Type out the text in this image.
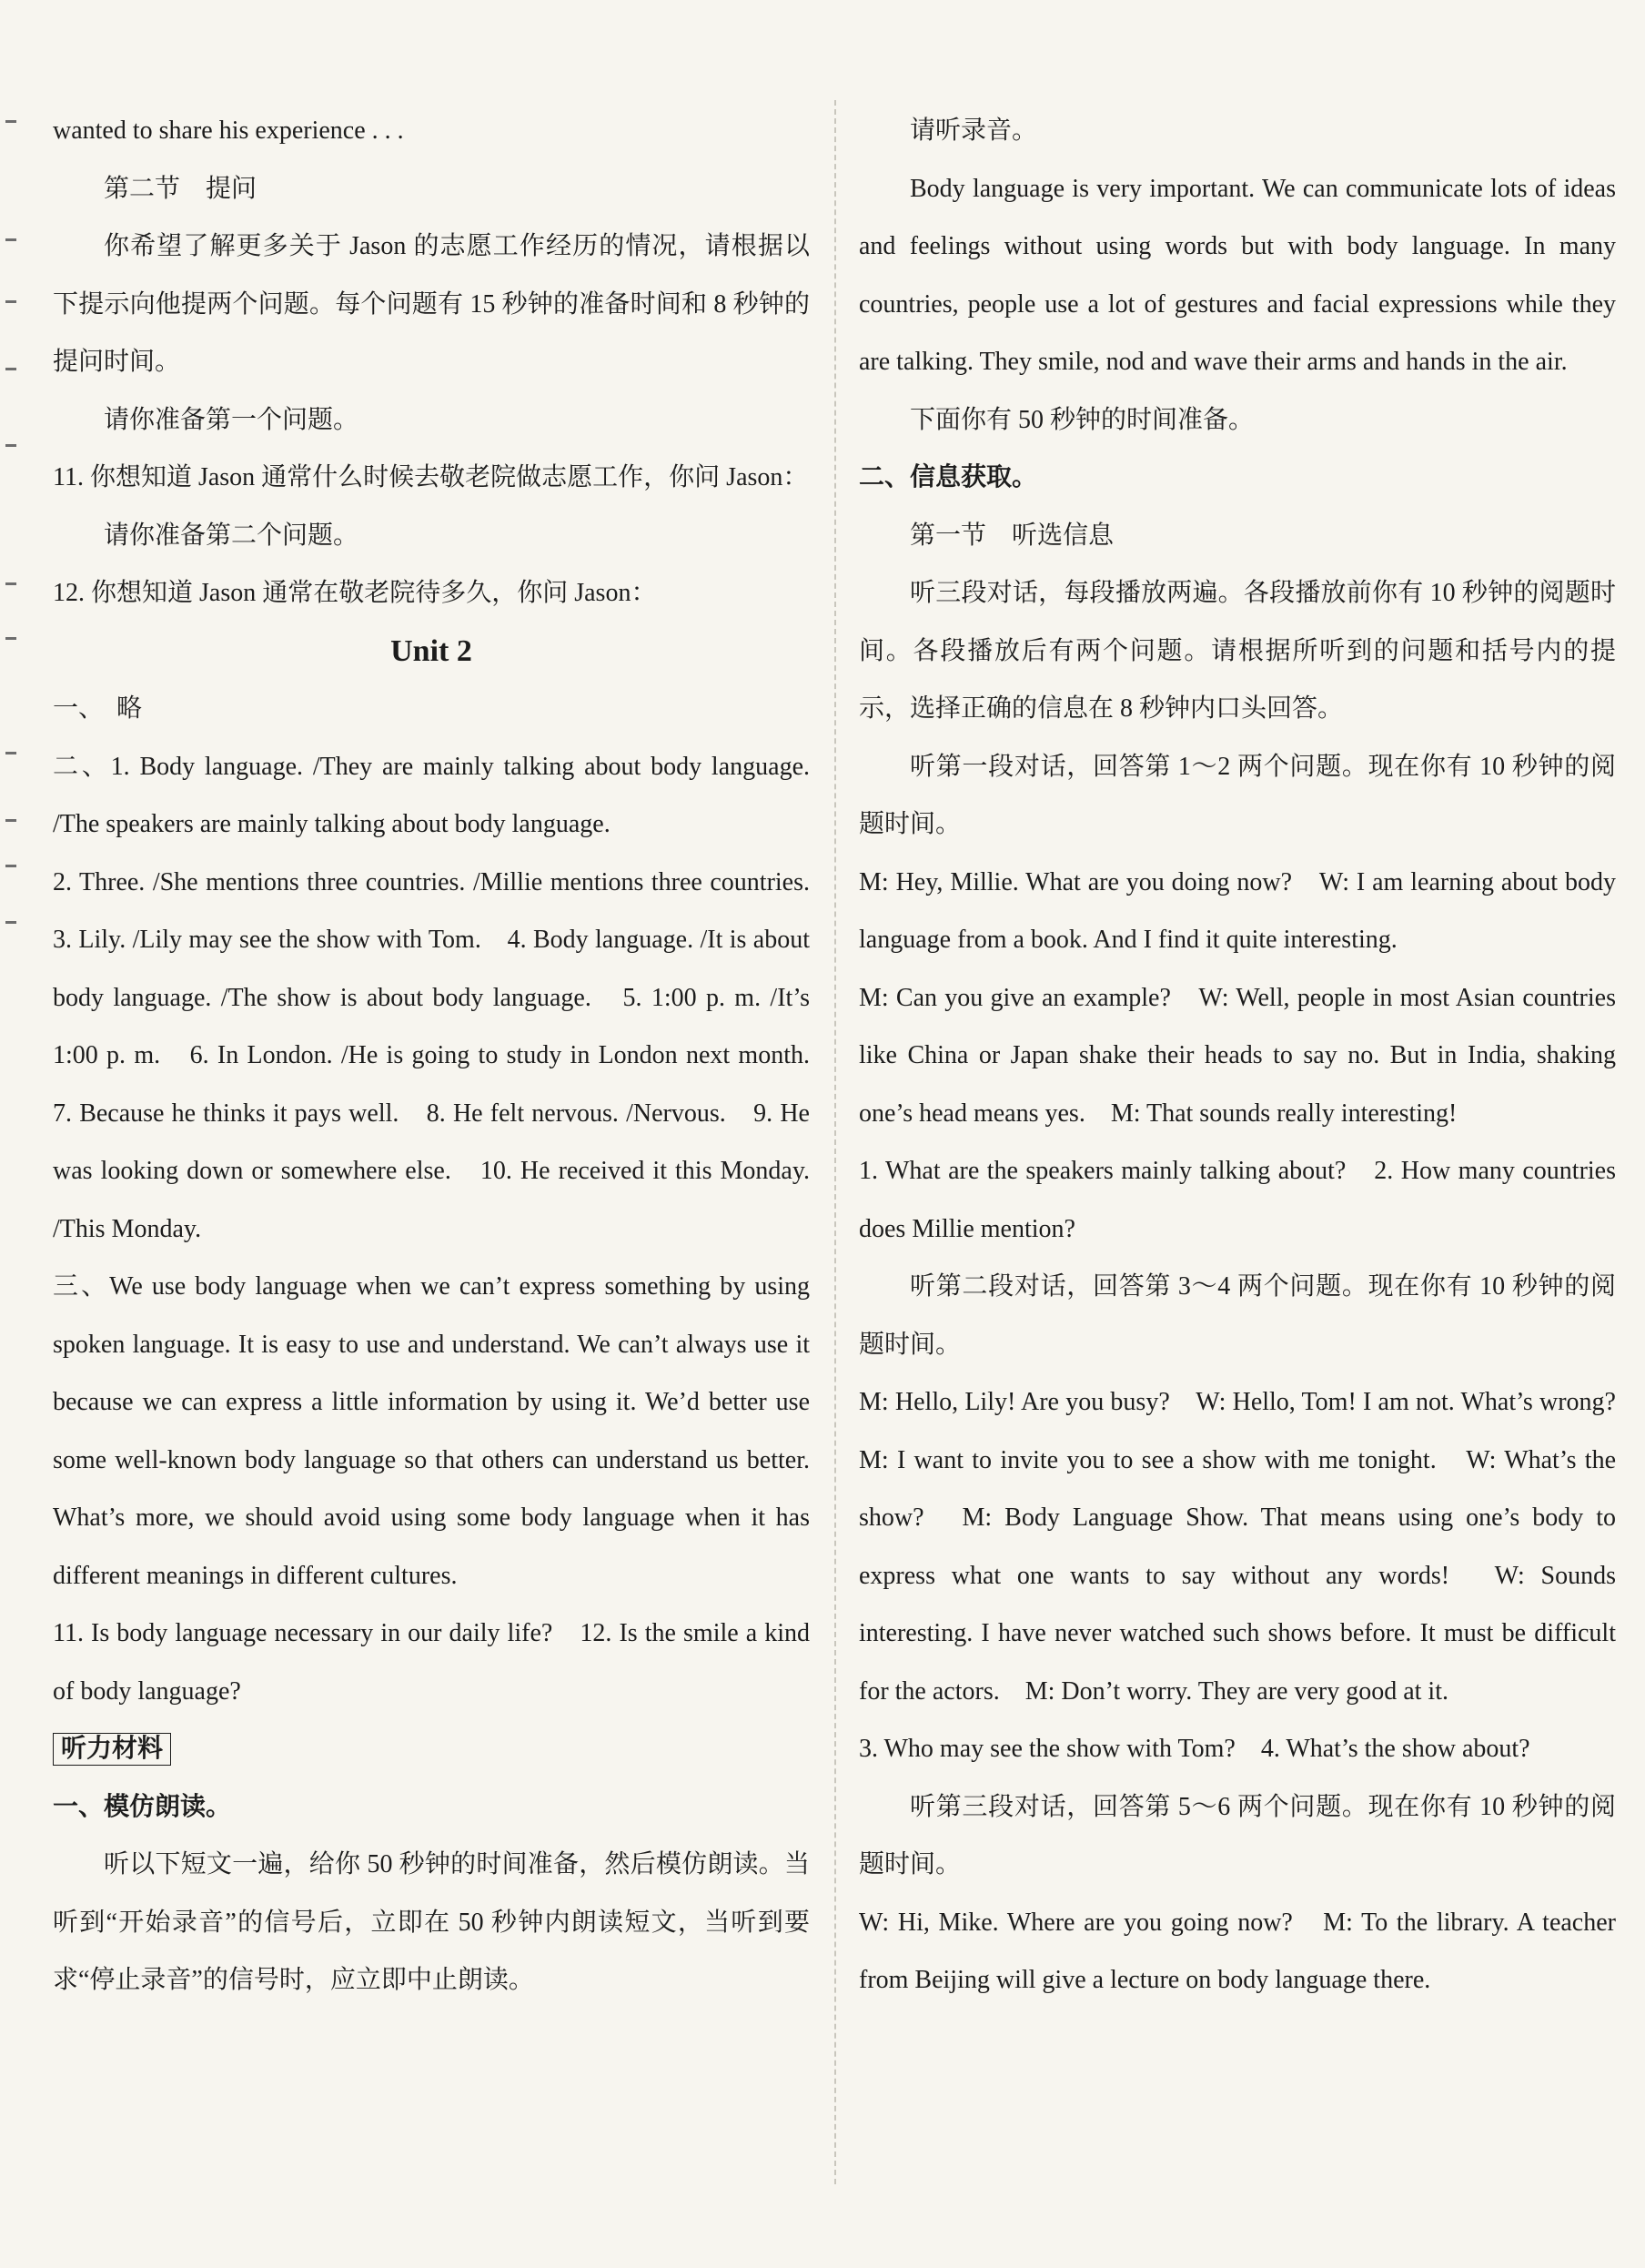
wanted to share his experience . . .

第二节　提问

你希望了解更多关于 Jason 的志愿工作经历的情况，请根据以下提示向他提两个问题。每个问题有 15 秒钟的准备时间和 8 秒钟的提问时间。

请你准备第一个问题。

11. 你想知道 Jason 通常什么时候去敬老院做志愿工作，你问 Jason：

请你准备第二个问题。

12. 你想知道 Jason 通常在敬老院待多久，你问 Jason：

Unit 2

一、　略

二、1. Body language. /They are mainly talking about body language. /The speakers are mainly talking about body language.

2. Three. /She mentions three countries. /Millie mentions three countries.　3. Lily. /Lily may see the show with Tom.　4. Body language. /It is about body language. /The show is about body language.　5. 1:00 p. m. /It’s 1:00 p. m.　6. In London. /He is going to study in London next month.　7. Because he thinks it pays well.　8. He felt nervous. /Nervous.　9. He was looking down or somewhere else.　10. He received it this Monday. /This Monday.

三、We use body language when we can’t express something by using spoken language. It is easy to use and understand. We can’t always use it because we can express a little information by using it. We’d better use some well-known body language so that others can understand us better. What’s more, we should avoid using some body language when it has different meanings in different cultures.

11. Is body language necessary in our daily life?　12. Is the smile a kind of body language?

听力材料

一、模仿朗读。

听以下短文一遍，给你 50 秒钟的时间准备，然后模仿朗读。当听到“开始录音”的信号后，立即在 50 秒钟内朗读短文，当听到要求“停止录音”的信号时，应立即中止朗读。

请听录音。

Body language is very important. We can communicate lots of ideas and feelings without using words but with body language. In many countries, people use a lot of gestures and facial expressions while they are talking. They smile, nod and wave their arms and hands in the air.

下面你有 50 秒钟的时间准备。

二、信息获取。

第一节　听选信息

听三段对话，每段播放两遍。各段播放前你有 10 秒钟的阅题时间。各段播放后有两个问题。请根据所听到的问题和括号内的提示，选择正确的信息在 8 秒钟内口头回答。

听第一段对话，回答第 1～2 两个问题。现在你有 10 秒钟的阅题时间。

M: Hey, Millie. What are you doing now?　W: I am learning about body language from a book. And I find it quite interesting.

M: Can you give an example?　W: Well, people in most Asian countries like China or Japan shake their heads to say no. But in India, shaking one’s head means yes.　M: That sounds really interesting!

1. What are the speakers mainly talking about?　2. How many countries does Millie mention?

听第二段对话，回答第 3～4 两个问题。现在你有 10 秒钟的阅题时间。

M: Hello, Lily! Are you busy?　W: Hello, Tom! I am not. What’s wrong?　M: I want to invite you to see a show with me tonight.　W: What’s the show?　M: Body Language Show. That means using one’s body to express what one wants to say without any words!　W: Sounds interesting. I have never watched such shows before. It must be difficult for the actors.　M: Don’t worry. They are very good at it.

3. Who may see the show with Tom?　4. What’s the show about?

听第三段对话，回答第 5～6 两个问题。现在你有 10 秒钟的阅题时间。

W: Hi, Mike. Where are you going now?　M: To the library. A teacher from Beijing will give a lecture on body language there.
